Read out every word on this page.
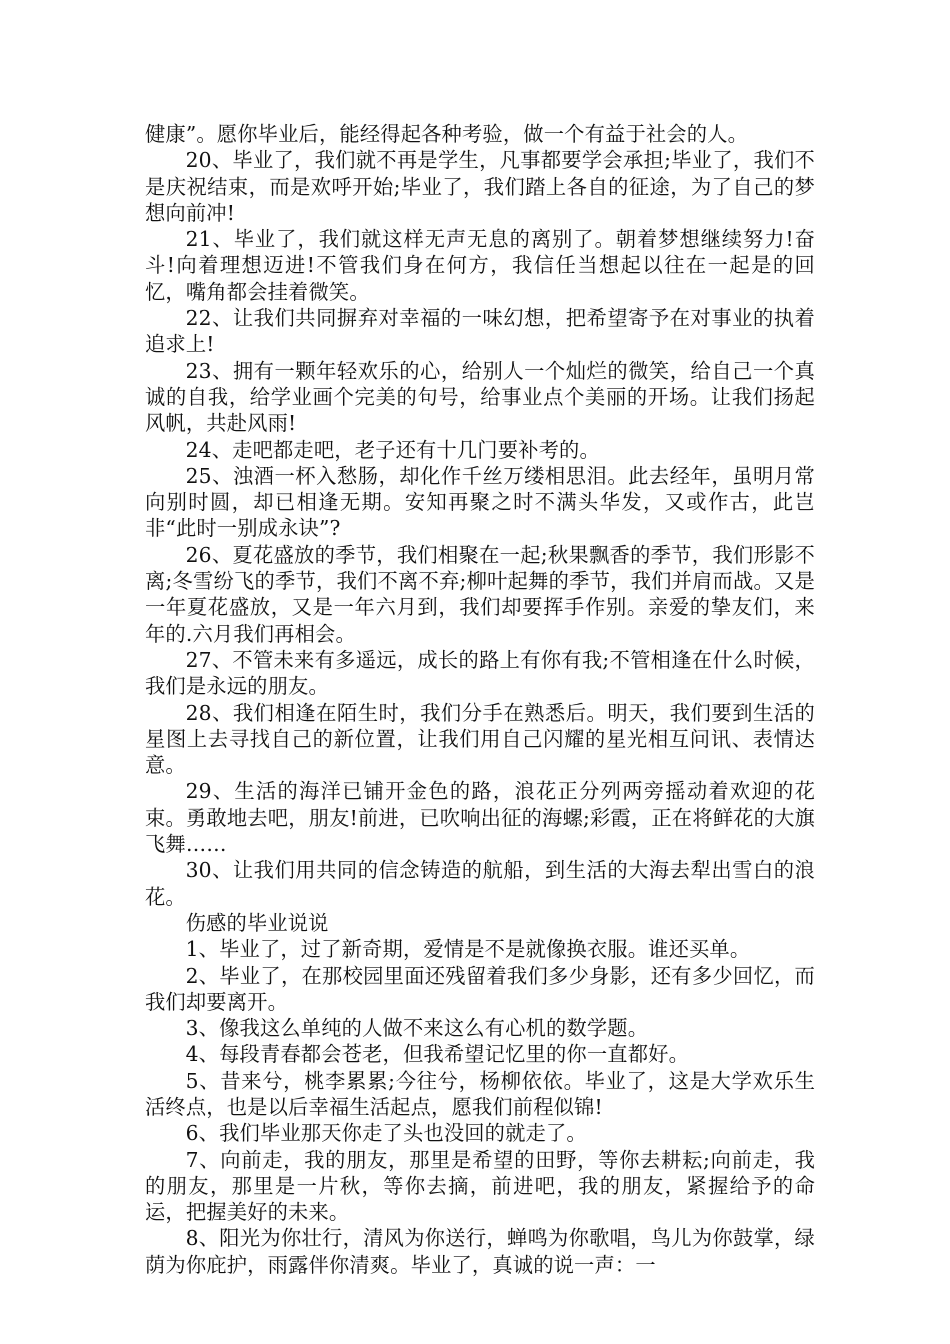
健康”。愿你毕业后，能经得起各种考验，做一个有益于社会的人。

20、毕业了，我们就不再是学生，凡事都要学会承担;毕业了，我们不是庆祝结束，而是欢呼开始;毕业了，我们踏上各自的征途，为了自己的梦想向前冲!

21、毕业了，我们就这样无声无息的离别了。朝着梦想继续努力!奋斗!向着理想迈进!不管我们身在何方，我信任当想起以往在一起是的回忆，嘴角都会挂着微笑。

22、让我们共同摒弃对幸福的一味幻想，把希望寄予在对事业的执着追求上!

23、拥有一颗年轻欢乐的心，给别人一个灿烂的微笑，给自己一个真诚的自我，给学业画个完美的句号，给事业点个美丽的开场。让我们扬起风帆，共赴风雨!

24、走吧都走吧，老子还有十几门要补考的。

25、浊酒一杯入愁肠，却化作千丝万缕相思泪。此去经年，虽明月常向别时圆，却已相逢无期。安知再聚之时不满头华发，又或作古，此岂非“此时一别成永诀”?

26、夏花盛放的季节，我们相聚在一起;秋果飘香的季节，我们形影不离;冬雪纷飞的季节，我们不离不弃;柳叶起舞的季节，我们并肩而战。又是一年夏花盛放，又是一年六月到，我们却要挥手作别。亲爱的挚友们，来年的.六月我们再相会。

27、不管未来有多遥远，成长的路上有你有我;不管相逢在什么时候，我们是永远的朋友。

28、我们相逢在陌生时，我们分手在熟悉后。明天，我们要到生活的星图上去寻找自己的新位置，让我们用自己闪耀的星光相互问讯、表情达意。

29、生活的海洋已铺开金色的路，浪花正分列两旁摇动着欢迎的花束。勇敢地去吧，朋友!前进，已吹响出征的海螺;彩霞，正在将鲜花的大旗飞舞……

30、让我们用共同的信念铸造的航船，到生活的大海去犁出雪白的浪花。

伤感的毕业说说

1、毕业了，过了新奇期，爱情是不是就像换衣服。谁还买单。

2、毕业了，在那校园里面还残留着我们多少身影，还有多少回忆，而我们却要离开。

3、像我这么单纯的人做不来这么有心机的数学题。

4、每段青春都会苍老，但我希望记忆里的你一直都好。

5、昔来兮，桃李累累;今往兮，杨柳依依。毕业了，这是大学欢乐生活终点，也是以后幸福生活起点，愿我们前程似锦!

6、我们毕业那天你走了头也没回的就走了。

7、向前走，我的朋友，那里是希望的田野，等你去耕耘;向前走，我的朋友，那里是一片秋，等你去摘，前进吧，我的朋友，紧握给予的命运，把握美好的未来。

8、阳光为你壮行，清风为你送行，蝉鸣为你歌唱，鸟儿为你鼓掌，绿荫为你庇护，雨露伴你清爽。毕业了，真诚的说一声：一
